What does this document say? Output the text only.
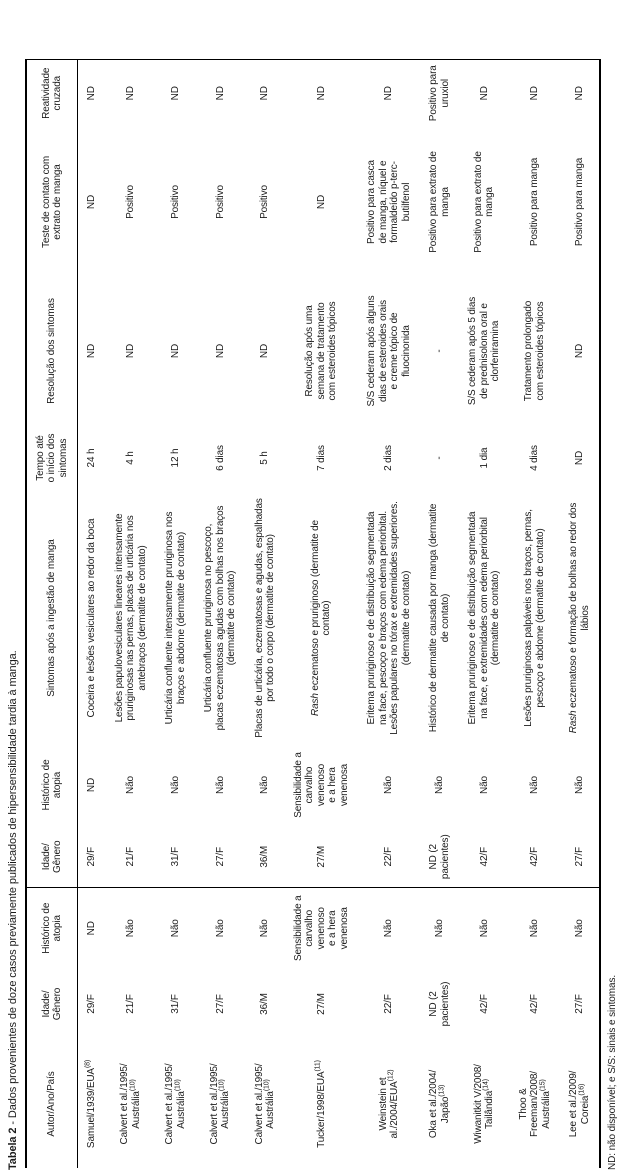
Tabela 2 - Dados provenientes de doze casos previamente publicados de hipersensibilidade tardia à manga.	Autor/Ano/País	Idade/
Gênero	Histórico de
atopia	Idade/
Gênero	Histórico de
atopia	Sintomas após a ingestão de manga	Tempo até
o início dos
sintomas	Resolução dos sintomas	Teste de contato com
extrato de manga	Reatividade
cruzada
Samuel/1939/EUA$^{(8)}$	29/F	ND	29/F	ND	Coceira e lesões vesiculares ao redor da boca	24 h	ND	ND	ND
Calvert et al./1995/
Austrália$^{(10)}$	21/F	Não	21/F	Não	Lesões papulovesiculares lineares intensamente
pruriginosas nas pernas, placas de urticária nos
antebraços (dermatite de contato)	4 h	ND	Positivo	ND
Calvert et al./1995/
Austrália$^{(10)}$	31/F	Não	31/F	Não	Urticária confluente intensamente pruriginosa nos
braços e abdome (dermatite de contato)	12 h	ND	Positivo	ND
Calvert et al./1995/
Austrália$^{(10)}$	27/F	Não	27/F	Não	Urticária confluente pruriginosa no pescoço,
placas eczematosas agudas com bolhas nos braços
(dermatite de contato)	6 dias	ND	Positivo	ND
Calvert et al./1995/
Austrália$^{(10)}$	36/M	Não	36/M	Não	Placas de urticária, eczematosas e agudas, espalhadas
por todo o corpo (dermatite de contato)	5 h	ND	Positivo	ND
Tucker/1998/EUA$^{(11)}$	27/M	Sensibilidade a
carvalho venenoso
e a hera venenosa	27/M	Sensibilidade a
carvalho venenoso
e a hera venenosa	Rash eczematoso e pruriginoso (dermatite de
contato)	7 dias	Resolução após uma
semana de tratamento
com esteroides tópicos	ND	ND
Weinstein et
al./2004/EUA$^{(12)}$	22/F	Não	22/F	Não	Eritema pruriginoso e de distribuição segmentada
na face, pescoço e braços com edema periorbital.
Lesões papulares no tórax e extremidades superiores.
(dermatite de contato)	2 dias	S/S cederam após alguns
dias de esteroides orais
e creme tópico de
fluocinonida	Positivo para casca
de manga, níquel e
formaldeído p-terc-
butilfenol	ND
Oka et al./2004/
Japão$^{(13)}$	ND (2
pacientes)	Não	ND (2
pacientes)	Não	Histórico de dermatite causada por manga (dermatite
de contato)	-	-	Positivo para extrato de
manga	Positivo para
uruxiol
Wiwanitkit V/2008/
Tailândia$^{(14)}$	42/F	Não	42/F	Não	Eritema pruriginoso e de distribuição segmentada
na face, e extremidades com edema periorbital
(dermatite de contato)	1 dia	S/S cederam após 5 dias
de prednisolona oral e
clorfeniramina	Positivo para extrato de
manga	ND
Thoo &
Freeman/2008/
Austrália$^{(15)}$	42/F	Não	42/F	Não	Lesões pruriginosas palpáveis nos braços, pernas,
pescoço e abdome (dermatite de contato)	4 dias	Tratamento prolongado
com esteroides tópicos	Positivo para manga	ND
Lee et al./2009/
Coreia$^{(16)}$	27/F	Não	27/F	Não	Rash eczematoso e formação de bolhas ao redor dos
lábios	ND	ND	Positivo para manga	ND
ND: não disponível; e S/S: sinais e sintomas.
